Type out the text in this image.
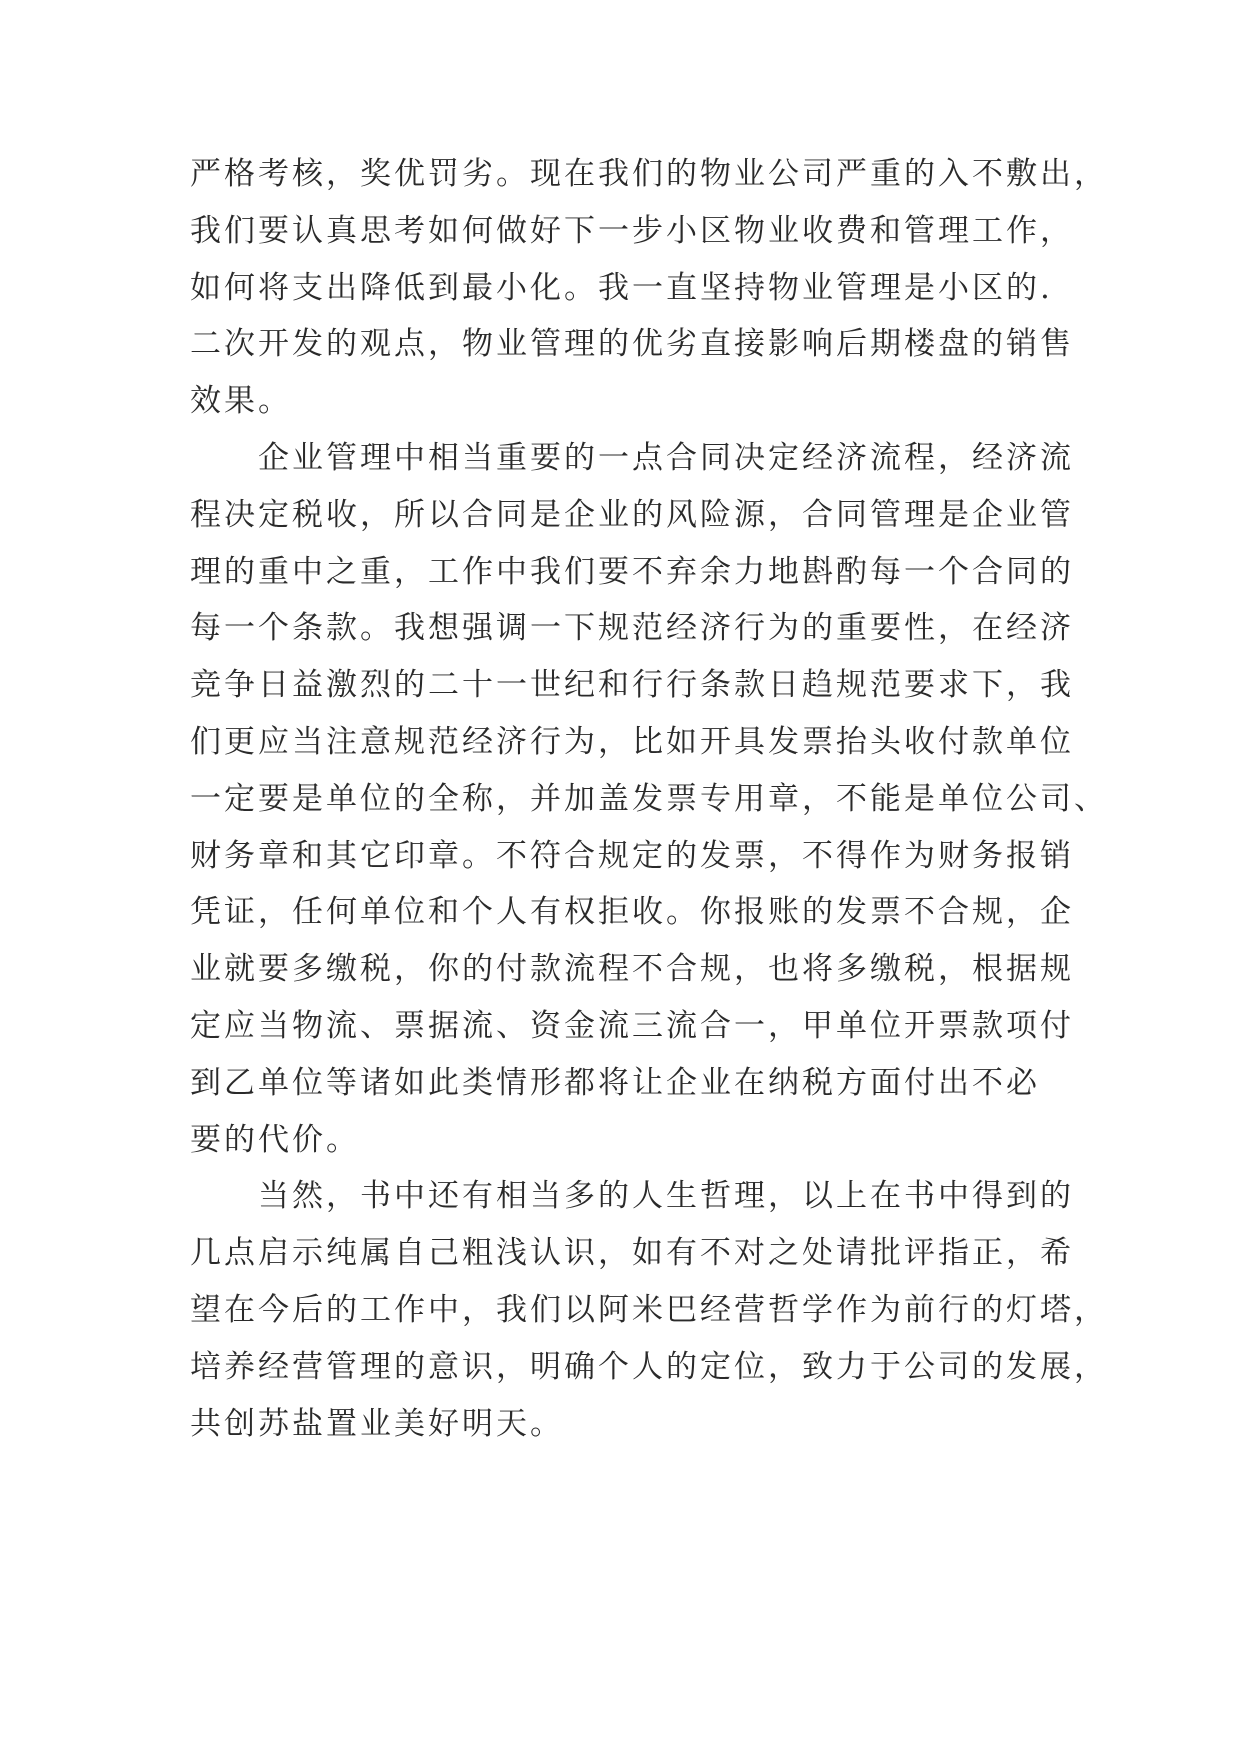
严格考核，奖优罚劣。现在我们的物业公司严重的入不敷出，
我们要认真思考如何做好下一步小区物业收费和管理工作，
如何将支出降低到最小化。我一直坚持物业管理是小区的.
二次开发的观点，物业管理的优劣直接影响后期楼盘的销售
效果。
企业管理中相当重要的一点合同决定经济流程，经济流
程决定税收，所以合同是企业的风险源，合同管理是企业管
理的重中之重，工作中我们要不弃余力地斟酌每一个合同的
每一个条款。我想强调一下规范经济行为的重要性，在经济
竞争日益激烈的二十一世纪和行行条款日趋规范要求下，我
们更应当注意规范经济行为，比如开具发票抬头收付款单位
一定要是单位的全称，并加盖发票专用章，不能是单位公司、
财务章和其它印章。不符合规定的发票，不得作为财务报销
凭证，任何单位和个人有权拒收。你报账的发票不合规，企
业就要多缴税，你的付款流程不合规，也将多缴税，根据规
定应当物流、票据流、资金流三流合一，甲单位开票款项付
到乙单位等诸如此类情形都将让企业在纳税方面付出不必
要的代价。
当然，书中还有相当多的人生哲理，以上在书中得到的
几点启示纯属自己粗浅认识，如有不对之处请批评指正，希
望在今后的工作中，我们以阿米巴经营哲学作为前行的灯塔，
培养经营管理的意识，明确个人的定位，致力于公司的发展，
共创苏盐置业美好明天。
